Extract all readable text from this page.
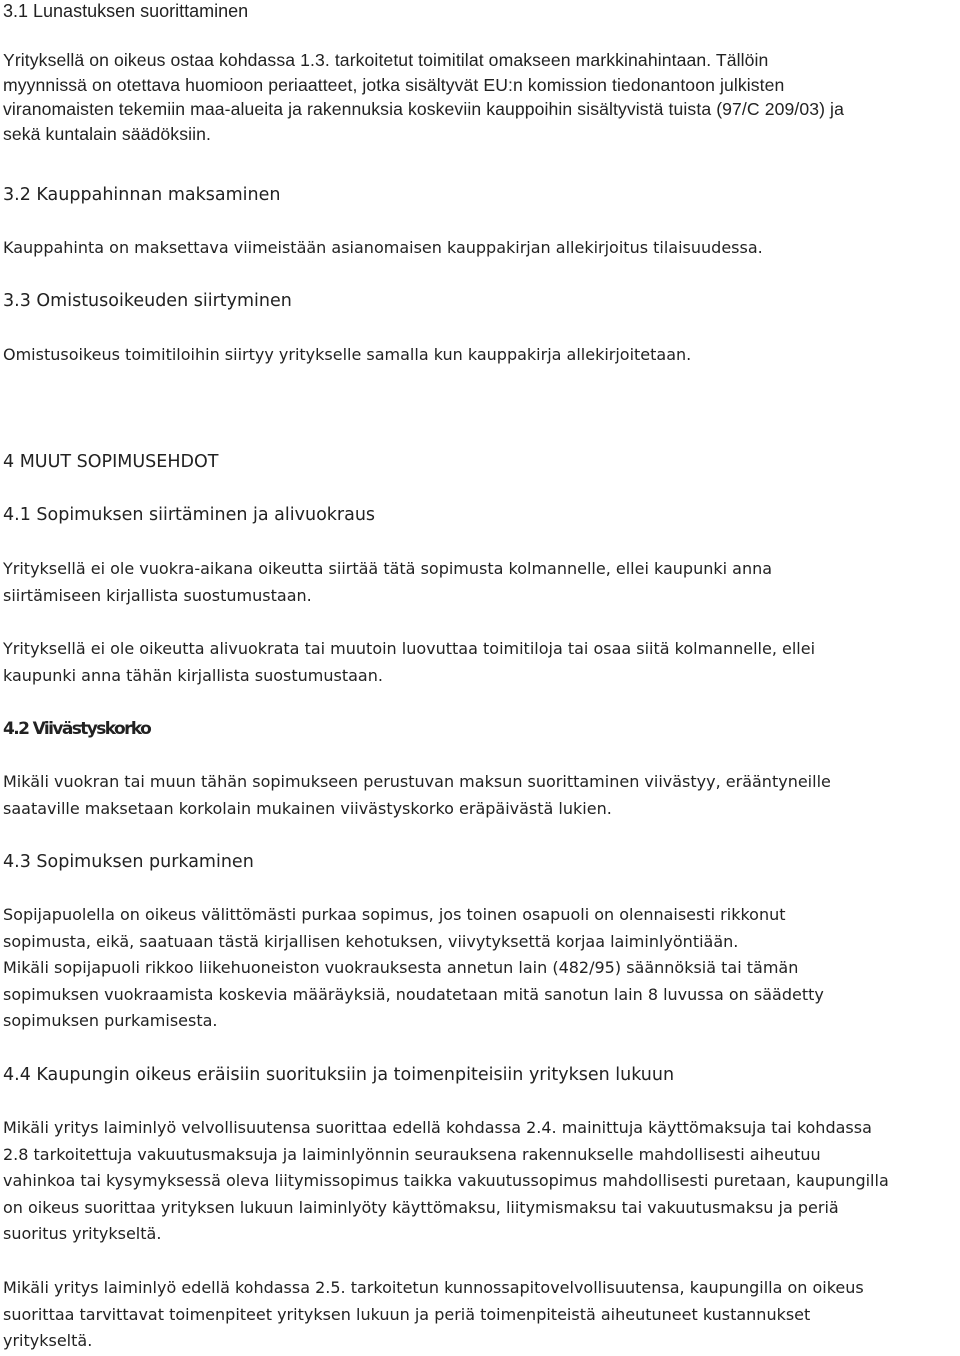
3.1 Lunastuksen suorittaminen
Yrityksellä on oikeus ostaa kohdassa 1.3. tarkoitetut toimitilat omakseen markkinahintaan. Tällöin
myynnissä on otettava huomioon periaatteet, jotka sisältyvät EU:n komission tiedonantoon julkisten
viranomaisten tekemiin maa-alueita ja rakennuksia koskeviin kauppoihin sisältyvistä tuista (97/C 209/03) ja
sekä kuntalain säädöksiin.
3.2 Kauppahinnan maksaminen
Kauppahinta on maksettava viimeistään asianomaisen kauppakirjan allekirjoitus tilaisuudessa.
3.3 Omistusoikeuden siirtyminen
Omistusoikeus toimitiloihin siirtyy yritykselle samalla kun kauppakirja allekirjoitetaan.
4 MUUT SOPIMUSEHDOT
4.1 Sopimuksen siirtäminen ja alivuokraus
Yrityksellä ei ole vuokra-aikana oikeutta siirtää tätä sopimusta kolmannelle, ellei kaupunki anna
siirtämiseen kirjallista suostumustaan.
Yrityksellä ei ole oikeutta alivuokrata tai muutoin luovuttaa toimitiloja tai osaa siitä kolmannelle, ellei
kaupunki anna tähän kirjallista suostumustaan.
4.2 Viivästyskorko
Mikäli vuokran tai muun tähän sopimukseen perustuvan maksun suorittaminen viivästyy, erääntyneille
saataville maksetaan korkolain mukainen viivästyskorko eräpäivästä lukien.
4.3 Sopimuksen purkaminen
Sopijapuolella on oikeus välittömästi purkaa sopimus, jos toinen osapuoli on olennaisesti rikkonut
sopimusta, eikä, saatuaan tästä kirjallisen kehotuksen, viivytyksettä korjaa laiminlyöntiään.
Mikäli sopijapuoli rikkoo liikehuoneiston vuokrauksesta annetun lain (482/95) säännöksiä tai tämän
sopimuksen vuokraamista koskevia määräyksiä, noudatetaan mitä sanotun lain 8 luvussa on säädetty
sopimuksen purkamisesta.
4.4 Kaupungin oikeus eräisiin suorituksiin ja toimenpiteisiin yrityksen lukuun
Mikäli yritys laiminlyö velvollisuutensa suorittaa edellä kohdassa 2.4. mainittuja käyttömaksuja tai kohdassa
2.8 tarkoitettuja vakuutusmaksuja ja laiminlyönnin seurauksena rakennukselle mahdollisesti aiheutuu
vahinkoa tai kysymyksessä oleva liitymissopimus taikka vakuutussopimus mahdollisesti puretaan, kaupungilla
on oikeus suorittaa yrityksen lukuun laiminlyöty käyttömaksu, liitymismaksu tai vakuutusmaksu ja periä
suoritus yritykseltä.
Mikäli yritys laiminlyö edellä kohdassa 2.5. tarkoitetun kunnossapitovelvollisuutensa, kaupungilla on oikeus
suorittaa tarvittavat toimenpiteet yrityksen lukuun ja periä toimenpiteistä aiheutuneet kustannukset
yritykseltä.
